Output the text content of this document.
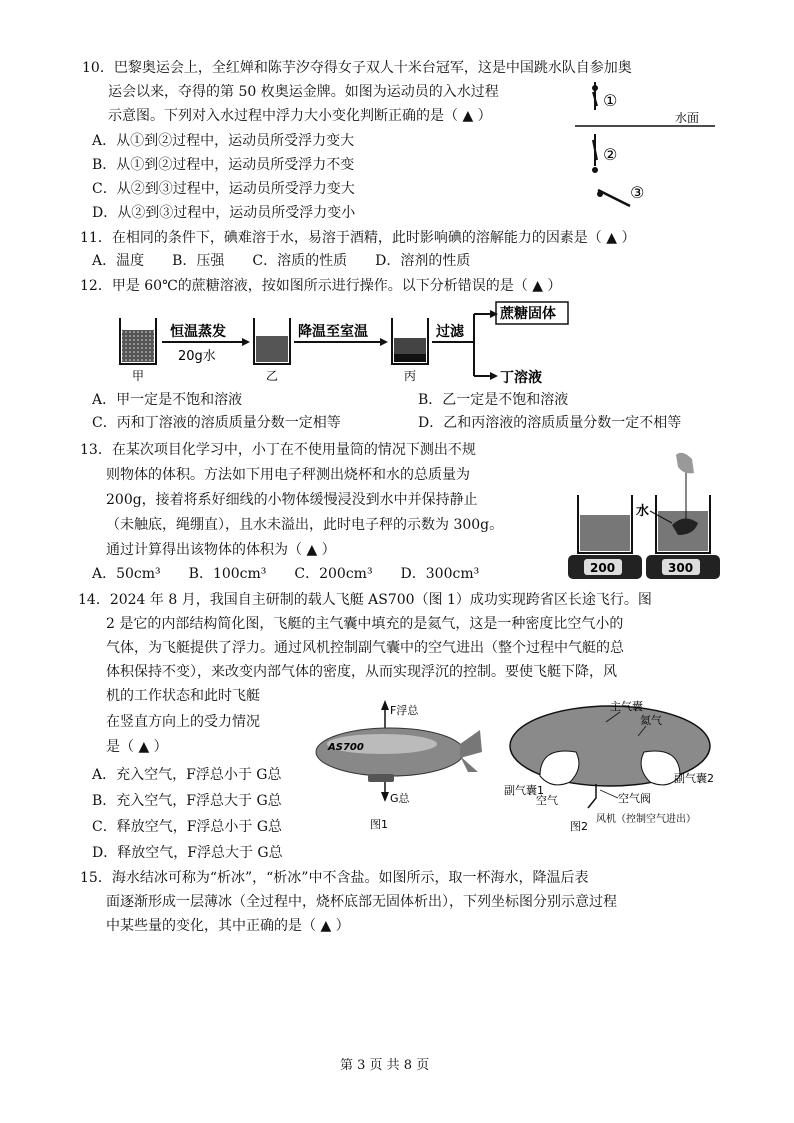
10．巴黎奥运会上，全红婵和陈芋汐夺得女子双人十米台冠军，这是中国跳水队自参加奥
运会以来，夺得的第 50 枚奥运金牌。如图为运动员的入水过程
示意图。下列对入水过程中浮力大小变化判断正确的是（ ▲ ）
A．从①到②过程中，运动员所受浮力变大
B．从①到②过程中，运动员所受浮力不变
C．从②到③过程中，运动员所受浮力变大
D．从②到③过程中，运动员所受浮力变小
水面
①
②
③
11．在相同的条件下，碘难溶于水，易溶于酒精，此时影响碘的溶解能力的因素是（ ▲ ）
A．温度　　B．压强　　C．溶质的性质　　D．溶剂的性质
12．甲是 60℃的蔗糖溶液，按如图所示进行操作。以下分析错误的是（ ▲ ）
甲
恒温蒸发
20g水
乙
降温至室温
丙
过滤
蔗糖固体
丁溶液
A．甲一定是不饱和溶液	B．乙一定是不饱和溶液
C．丙和丁溶液的溶质质量分数一定相等	D．乙和丙溶液的溶质质量分数一定不相等
13．在某次项目化学习中，小丁在不使用量筒的情况下测出不规
则物体的体积。方法如下用电子秤测出烧杯和水的总质量为
200g，接着将系好细线的小物体缓慢浸没到水中并保持静止
（未触底，绳绷直），且水未溢出，此时电子秤的示数为 300g。
通过计算得出该物体的体积为（ ▲ ）
A．50cm³　　B．100cm³　　C．200cm³　　D．300cm³	200
水
300
14．2024 年 8 月，我国自主研制的载人飞艇 AS700（图 1）成功实现跨省区长途飞行。图
2 是它的内部结构简化图，飞艇的主气囊中填充的是氦气，这是一种密度比空气小的
气体，为飞艇提供了浮力。通过风机控制副气囊中的空气进出（整个过程中气艇的总
体积保持不变），来改变内部气体的密度，从而实现浮沉的控制。要使飞艇下降，风
机的工作状态和此时飞艇
在竖直方向上的受力情况
是（ ▲ ）
A．充入空气，F浮总小于 G总
B．充入空气，F浮总大于 G总
C．释放空气，F浮总小于 G总
D．释放空气，F浮总大于 G总
F浮总
G总
AS700
图1
主气囊
氦气
副气囊1
副气囊2
空气	空气阀
图2
风机（控制空气进出）
15．海水结冰可称为“析冰”，“析冰”中不含盐。如图所示，取一杯海水，降温后表
面逐渐形成一层薄冰（全过程中，烧杯底部无固体析出），下列坐标图分别示意过程
中某些量的变化，其中正确的是（ ▲ ）
第 3 页 共 8 页
